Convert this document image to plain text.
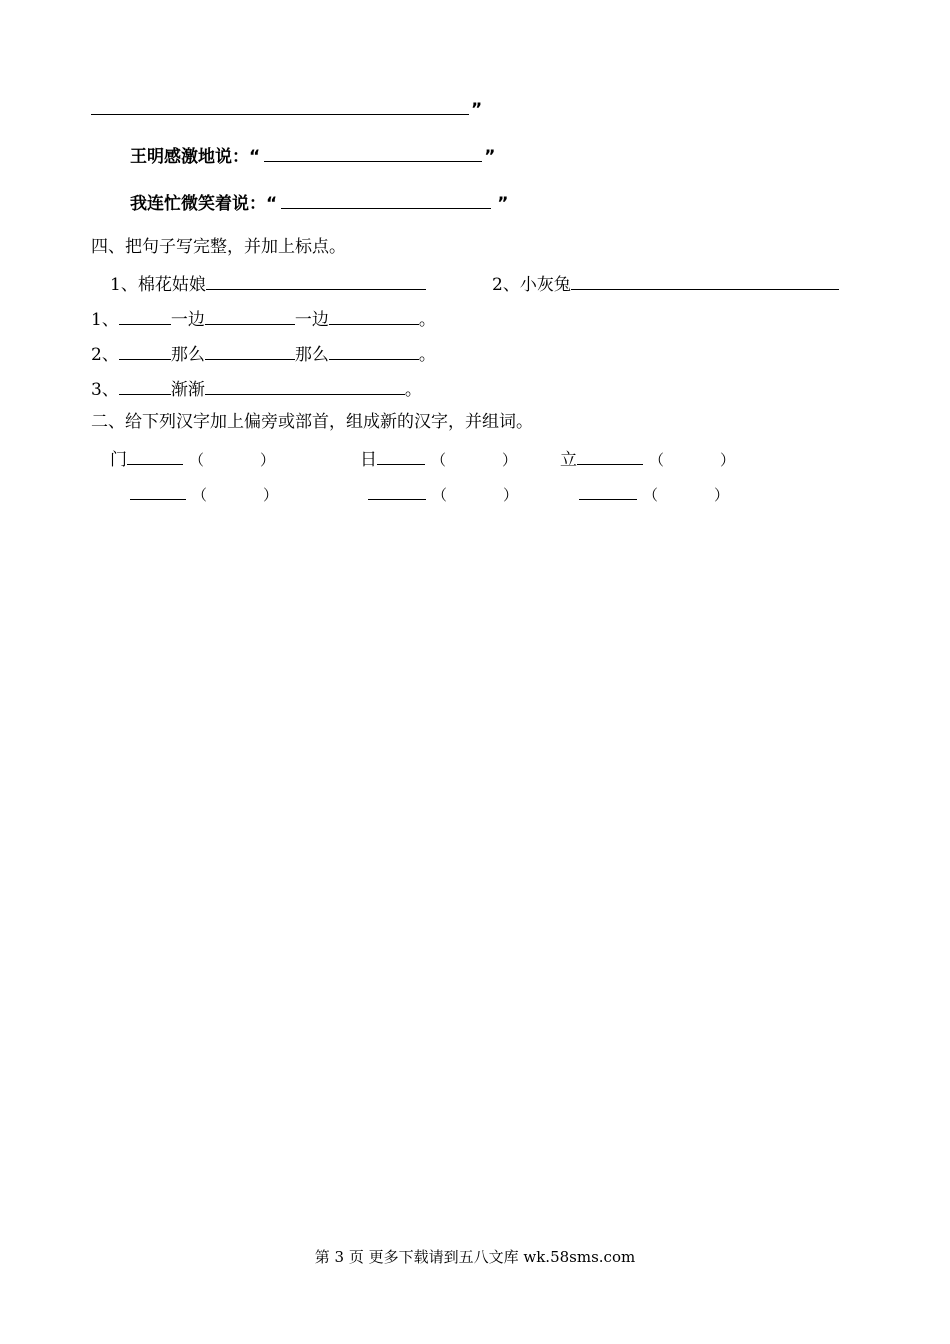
”
王明感激地说：“	”
我连忙微笑着说：“	”
四、把句子写完整，并加上标点。
1、棉花姑娘	2、小灰兔
1、	一边	一边	。
2、	那么	那么	。
3、	渐渐	。
二、给下列汉字加上偏旁或部首，组成新的汉字，并组词。
门	（	）	日	（	）	立	（	）
（	）	（	）	（	）
第 3 页 更多下载请到五八文库 wk.58sms.com
